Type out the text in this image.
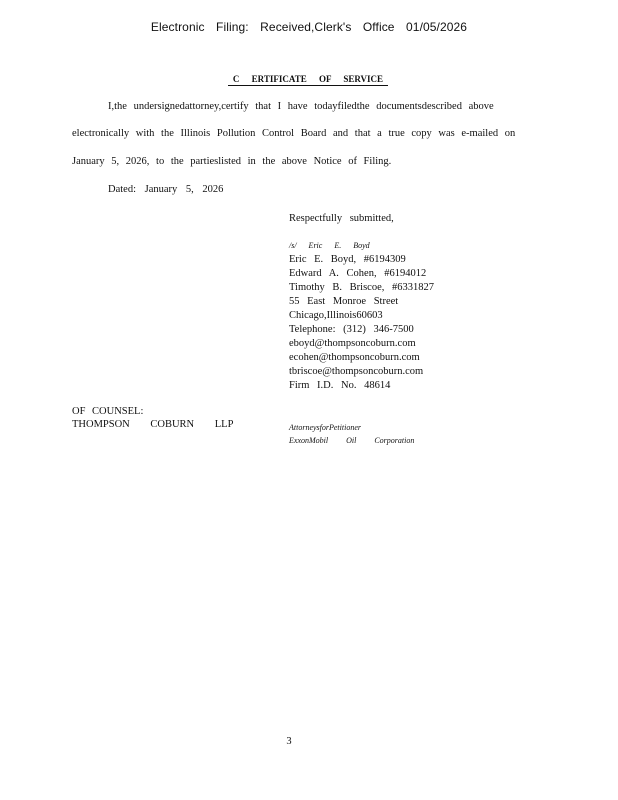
Electronic Filing: Received,Clerk's Office 01/05/2026
C ERTIFICATE OF SERVICE
I,the undersignedattorney,certify that I have todayfiledthe documentsdescribed above
electronically with the Illinois Pollution Control Board and that a true copy was e-mailed on
January 5, 2026, to the partieslisted in the above Notice of Filing.
Dated: January 5, 2026
Respectfully submitted,
/s/ Eric E. Boyd
Eric E. Boyd, #6194309
Edward A. Cohen, #6194012
Timothy B. Briscoe, #6331827
55 East Monroe Street
Chicago,Illinois60603
Telephone: (312) 346-7500
eboyd@thompsoncoburn.com
ecohen@thompsoncoburn.com
tbriscoe@thompsoncoburn.com
Firm I.D. No. 48614
OF COUNSEL:
THOMPSON COBURN LLP	AttorneysforPetitioner
ExxonMobil Oil Corporation
3
